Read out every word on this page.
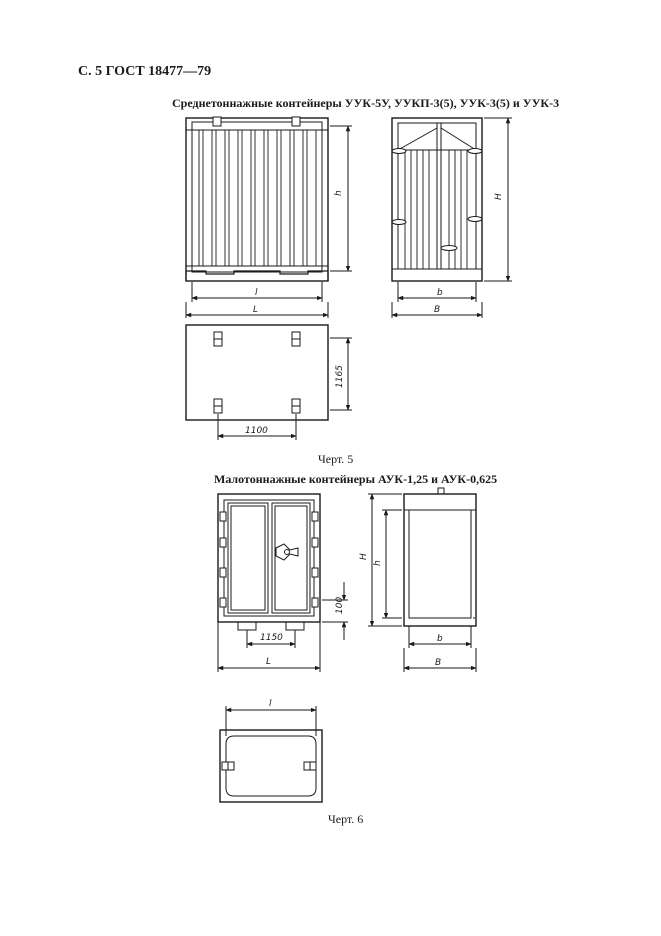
С. 5 ГОСТ 18477—79
Среднетоннажные контейнеры УУК-5У, УУКП-3(5), УУК-3(5) и УУК-3
Черт. 5
Малотоннажные контейнеры АУК-1,25 и АУК-0,625
Черт. 6
h
l
L
H
b
B
1165
1100
100
1150
L
H
h
b
B
l
